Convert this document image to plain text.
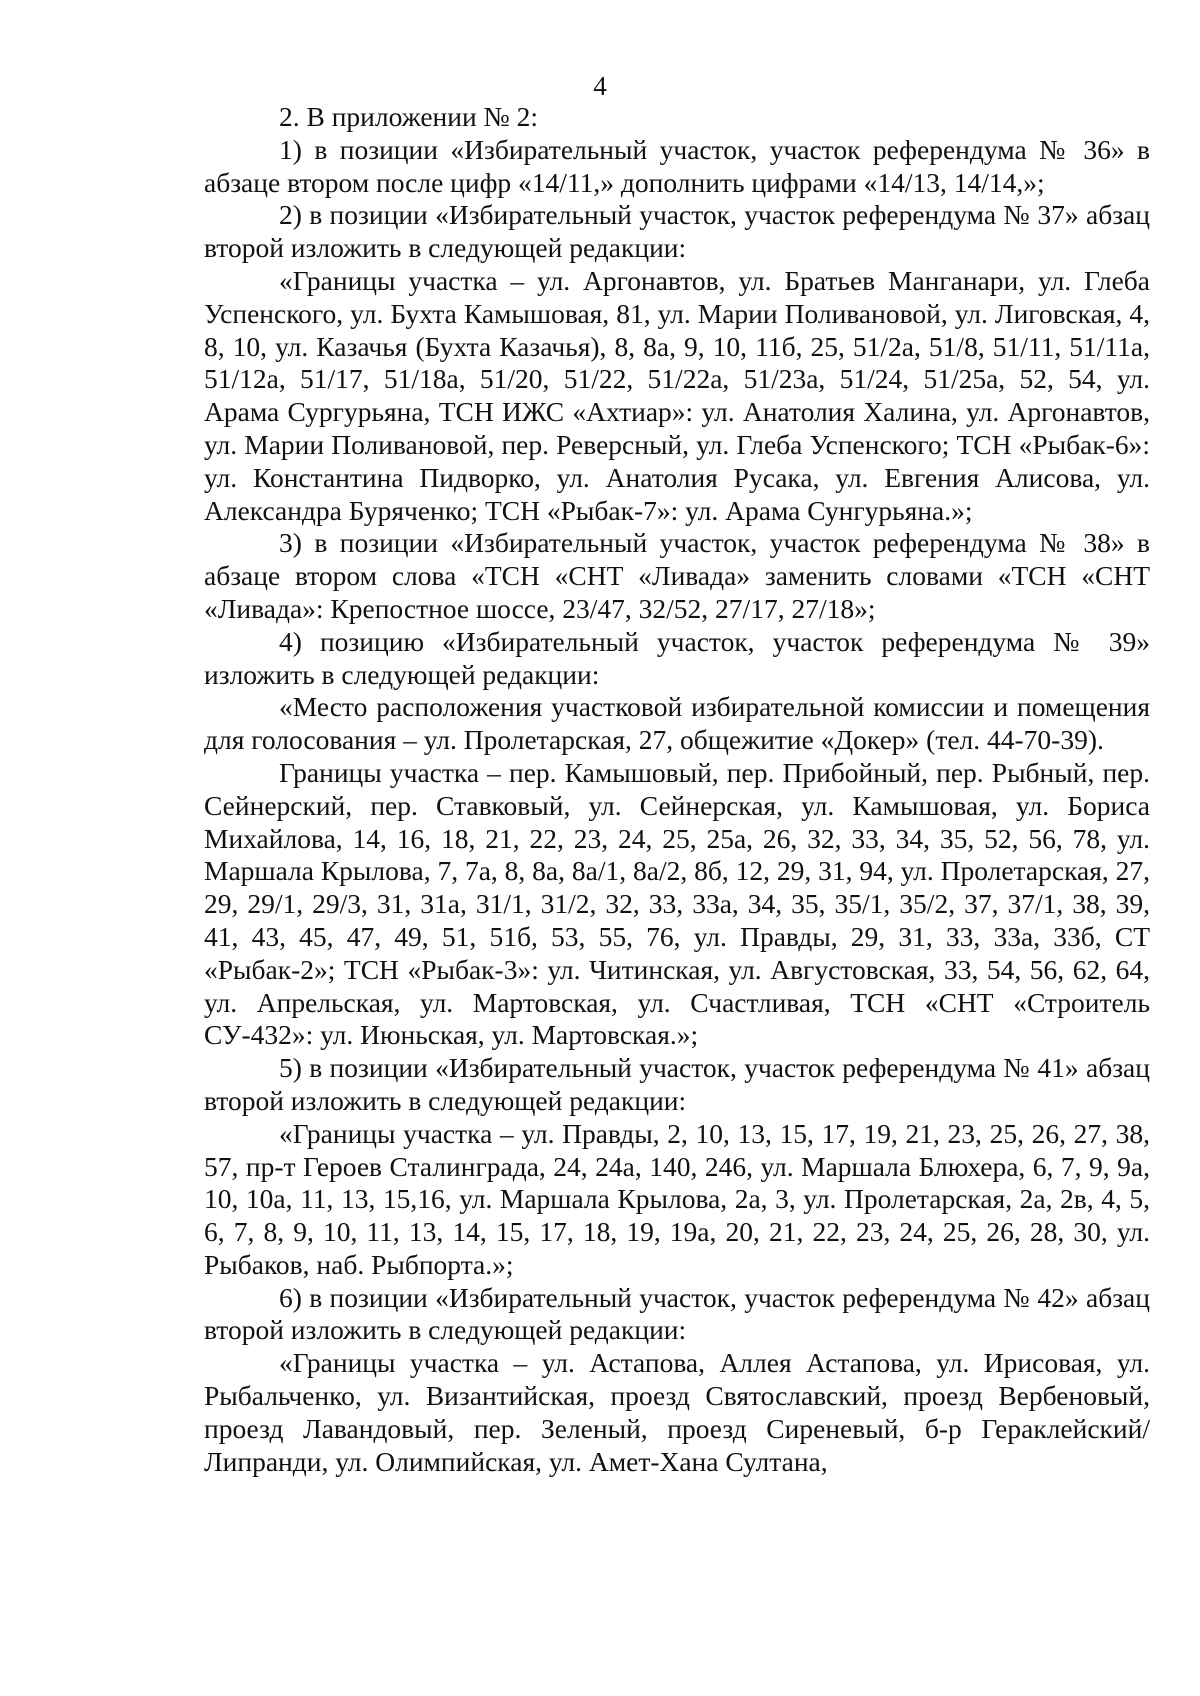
4

2. В приложении № 2:

1) в позиции «Избирательный участок, участок референдума № 36» в абзаце втором после цифр «14/11,» дополнить цифрами «14/13, 14/14,»;

2) в позиции «Избирательный участок, участок референдума № 37» абзац второй изложить в следующей редакции:

«Границы участка – ул. Аргонавтов, ул. Братьев Манганари, ул. Глеба Успенского, ул. Бухта Камышовая, 81, ул. Марии Поливановой, ул. Лиговская, 4, 8, 10, ул. Казачья (Бухта Казачья), 8, 8а, 9, 10, 11б, 25, 51/2а, 51/8, 51/11, 51/11а, 51/12а, 51/17, 51/18а, 51/20, 51/22, 51/22а, 51/23а, 51/24, 51/25а, 52, 54, ул. Арама Сургурьяна, ТСН ИЖС «Ахтиар»: ул. Анатолия Халина, ул. Аргонавтов, ул. Марии Поливановой, пер. Реверсный, ул. Глеба Успенского; ТСН «Рыбак-6»: ул. Константина Пидворко, ул. Анатолия Русака, ул. Евгения Алисова, ул. Александра Буряченко; ТСН «Рыбак-7»: ул. Арама Сунгурьяна.»;

3) в позиции «Избирательный участок, участок референдума № 38» в абзаце втором слова «ТСН «СНТ «Ливада» заменить словами «ТСН «СНТ «Ливада»: Крепостное шоссе, 23/47, 32/52, 27/17, 27/18»;

4) позицию «Избирательный участок, участок референдума № 39» изложить в следующей редакции:

«Место расположения участковой избирательной комиссии и помещения для голосования – ул. Пролетарская, 27, общежитие «Докер» (тел. 44-70-39).

Границы участка – пер. Камышовый, пер. Прибойный, пер. Рыбный, пер. Сейнерский, пер. Ставковый, ул. Сейнерская, ул. Камышовая, ул. Бориса Михайлова, 14, 16, 18, 21, 22, 23, 24, 25, 25а, 26, 32, 33, 34, 35, 52, 56, 78, ул. Маршала Крылова, 7, 7а, 8, 8а, 8а/1, 8а/2, 8б, 12, 29, 31, 94, ул. Пролетарская, 27, 29, 29/1, 29/3, 31, 31а, 31/1, 31/2, 32, 33, 33а, 34, 35, 35/1, 35/2, 37, 37/1, 38, 39, 41, 43, 45, 47, 49, 51, 51б, 53, 55, 76, ул. Правды, 29, 31, 33, 33а, 33б, СТ «Рыбак-2»; ТСН «Рыбак-3»: ул. Читинская, ул. Августовская, 33, 54, 56, 62, 64, ул. Апрельская, ул. Мартовская, ул. Счастливая, ТСН «СНТ «Строитель СУ-432»: ул. Июньская, ул. Мартовская.»;

5) в позиции «Избирательный участок, участок референдума № 41» абзац второй изложить в следующей редакции:

«Границы участка – ул. Правды, 2, 10, 13, 15, 17, 19, 21, 23, 25, 26, 27, 38, 57, пр-т Героев Сталинграда, 24, 24а, 140, 246, ул. Маршала Блюхера, 6, 7, 9, 9а, 10, 10а, 11, 13, 15,16, ул. Маршала Крылова, 2а, 3, ул. Пролетарская, 2а, 2в, 4, 5, 6, 7, 8, 9, 10, 11, 13, 14, 15, 17, 18, 19, 19а, 20, 21, 22, 23, 24, 25, 26, 28, 30, ул. Рыбаков, наб. Рыбпорта.»;

6) в позиции «Избирательный участок, участок референдума № 42» абзац второй изложить в следующей редакции:

«Границы участка – ул. Астапова, Аллея Астапова, ул. Ирисовая, ул. Рыбальченко, ул. Византийская, проезд Святославский, проезд Вербеновый, проезд Лавандовый, пер. Зеленый, проезд Сиреневый, б-р Гераклейский/Липранди, ул. Олимпийская, ул. Амет-Хана Султана,
